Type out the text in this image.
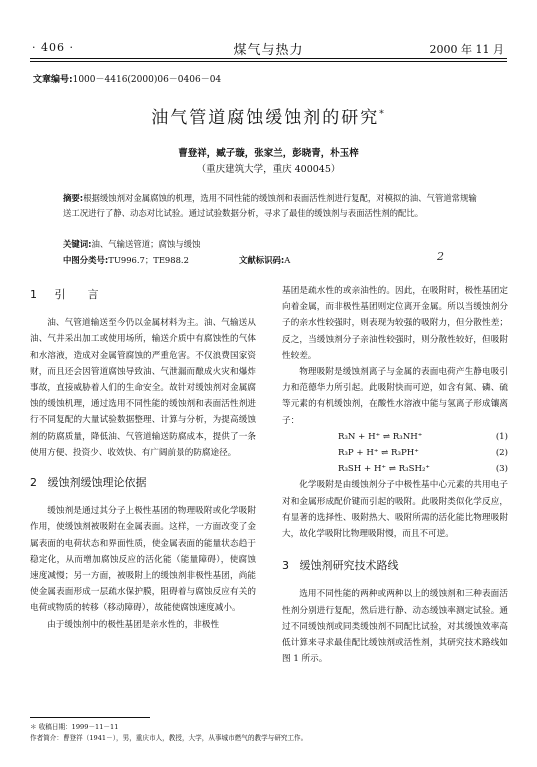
· 406 ·	煤气与热力	2000 年 11 月
文章编号:1000－4416(2000)06－0406－04
油气管道腐蚀缓蚀剂的研究*
曹登祥，臧子璇，张家兰，彭晓青，朴玉梓
（重庆建筑大学，重庆 400045）
摘要:根据缓蚀剂对金属腐蚀的机理，选用不同性能的缓蚀剂和表面活性剂进行复配，对模拟的油、气管道常规输送工况进行了静、动态对比试验。通过试验数据分析，寻求了最佳的缓蚀剂与表面活性剂的配比。
关键词:油、气输送管道；腐蚀与缓蚀
中图分类号:TU996.7；TE988.2	文献标识码:A	2
1 引　　言

油、气管道输送至今仍以金属材料为主。油、气输送从油、气井采出加工或使用场所，输送介质中有腐蚀性的气体和水溶液，造成对金属管腐蚀的严重危害。不仅浪费国家资财，而且还会因管道腐蚀导致油、气泄漏而酿成火灾和爆炸事故，直接威胁着人们的生命安全。故针对缓蚀剂对金属腐蚀的缓蚀机理，通过选用不同性能的缓蚀剂和表面活性剂进行不同复配的大量试验数据整理、计算与分析，为提高缓蚀剂的防腐质量，降低油、气管道输送防腐成本，提供了一条使用方便、投资少、收效快、有广阔前景的防腐途径。

2 缓蚀剂缓蚀理论依据

缓蚀剂是通过其分子上极性基团的物理吸附或化学吸附作用，使缓蚀剂被吸附在金属表面。这样，一方面改变了金属表面的电荷状态和界面性质，使金属表面的能量状态趋于稳定化，从而增加腐蚀反应的活化能（能量障碍），使腐蚀速度减慢；另一方面，被吸附上的缓蚀剂非极性基团，尚能使金属表面形成一层疏水保护膜，阻碍着与腐蚀反应有关的电荷或物质的转移（移动障碍），故能使腐蚀速度减小。

由于缓蚀剂中的极性基团是亲水性的，非极性

基团是疏水性的或亲油性的。因此，在吸附时，极性基团定向着金属，而非极性基团则定位离开金属。所以当缓蚀剂分子的亲水性较强时，则表现为较强的吸附力，但分散性差；反之，当缓蚀剂分子亲油性较强时，则分散性较好，但吸附性较差。

物理吸附是缓蚀剂离子与金属的表面电荷产生静电吸引力和范德华力所引起。此吸附快而可逆，如含有氮、磷、硫等元素的有机缓蚀剂，在酸性水溶液中能与氢离子形成镶离子：

R₃N + H⁺ ⇌ R₃NH⁺	(1)
R₃P + H⁺ ⇌ R₃PH⁺	(2)
R₃SH + H⁺ ⇌ R₃SH₂⁺	(3)

化学吸附是由缓蚀剂分子中极性基中心元素的共用电子对和金属形成配价键而引起的吸附。此吸附类似化学反应，有显著的选择性、吸附热大、吸附所需的活化能比物理吸附大，故化学吸附比物理吸附慢，而且不可逆。

3 缓蚀剂研究技术路线

选用不同性能的两种或两种以上的缓蚀剂和三种表面活性剂分别进行复配，然后进行静、动态缓蚀率测定试验。通过不同缓蚀剂或同类缓蚀剂不同配比试验，对其缓蚀效率高低计算来寻求最佳配比缓蚀剂或活性剂，其研究技术路线如图 1 所示。

＊ 收稿日期：1999－11－11
作者简介：曹登祥（1941－），男，重庆市人，教授，大学，从事城市燃气的教学与研究工作。
